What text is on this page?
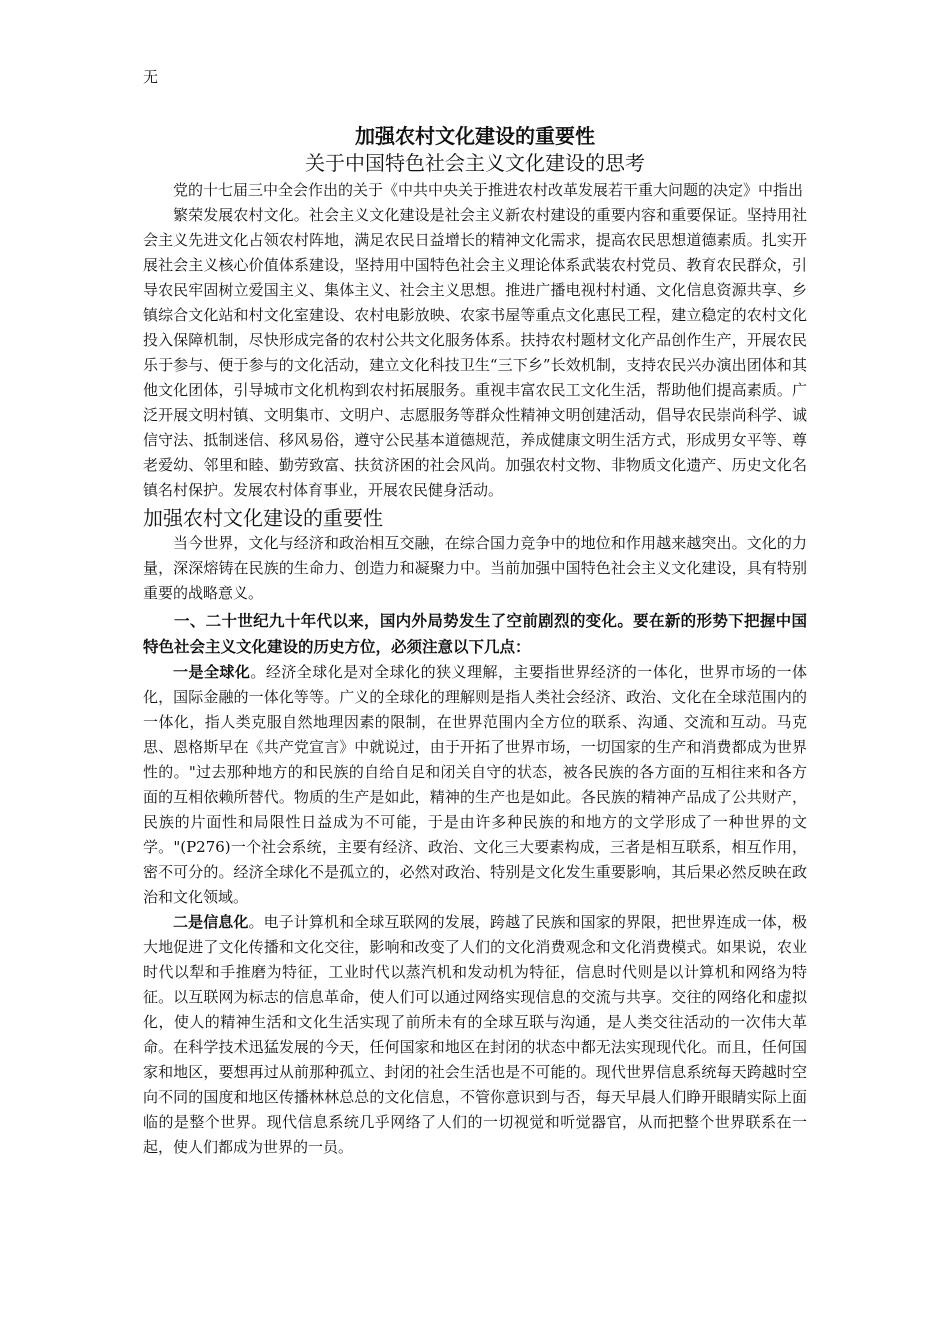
无
加强农村文化建设的重要性
关于中国特色社会主义文化建设的思考

党的十七届三中全会作出的关于《中共中央关于推进农村改革发展若干重大问题的决定》中指出

繁荣发展农村文化。社会主义文化建设是社会主义新农村建设的重要内容和重要保证。坚持用社会主义先进文化占领农村阵地，满足农民日益增长的精神文化需求，提高农民思想道德素质。扎实开展社会主义核心价值体系建设，坚持用中国特色社会主义理论体系武装农村党员、教育农民群众，引导农民牢固树立爱国主义、集体主义、社会主义思想。推进广播电视村村通、文化信息资源共享、乡镇综合文化站和村文化室建设、农村电影放映、农家书屋等重点文化惠民工程，建立稳定的农村文化投入保障机制，尽快形成完备的农村公共文化服务体系。扶持农村题材文化产品创作生产，开展农民乐于参与、便于参与的文化活动，建立文化科技卫生“三下乡”长效机制，支持农民兴办演出团体和其他文化团体，引导城市文化机构到农村拓展服务。重视丰富农民工文化生活，帮助他们提高素质。广泛开展文明村镇、文明集市、文明户、志愿服务等群众性精神文明创建活动，倡导农民崇尚科学、诚信守法、抵制迷信、移风易俗，遵守公民基本道德规范，养成健康文明生活方式，形成男女平等、尊老爱幼、邻里和睦、勤劳致富、扶贫济困的社会风尚。加强农村文物、非物质文化遗产、历史文化名镇名村保护。发展农村体育事业，开展农民健身活动。

加强农村文化建设的重要性

当今世界，文化与经济和政治相互交融，在综合国力竞争中的地位和作用越来越突出。文化的力量，深深熔铸在民族的生命力、创造力和凝聚力中。当前加强中国特色社会主义文化建设，具有特别重要的战略意义。

一、二十世纪九十年代以来，国内外局势发生了空前剧烈的变化。要在新的形势下把握中国特色社会主义文化建设的历史方位，必须注意以下几点：

一是全球化。经济全球化是对全球化的狭义理解，主要指世界经济的一体化，世界市场的一体化，国际金融的一体化等等。广义的全球化的理解则是指人类社会经济、政治、文化在全球范围内的一体化，指人类克服自然地理因素的限制，在世界范围内全方位的联系、沟通、交流和互动。马克思、恩格斯早在《共产党宣言》中就说过，由于开拓了世界市场，一切国家的生产和消费都成为世界性的。"过去那种地方的和民族的自给自足和闭关自守的状态，被各民族的各方面的互相往来和各方面的互相依赖所替代。物质的生产是如此，精神的生产也是如此。各民族的精神产品成了公共财产，民族的片面性和局限性日益成为不可能，于是由许多种民族的和地方的文学形成了一种世界的文学。"(P276)一个社会系统，主要有经济、政治、文化三大要素构成，三者是相互联系，相互作用，密不可分的。经济全球化不是孤立的，必然对政治、特别是文化发生重要影响，其后果必然反映在政治和文化领域。

二是信息化。电子计算机和全球互联网的发展，跨越了民族和国家的界限，把世界连成一体，极大地促进了文化传播和文化交往，影响和改变了人们的文化消费观念和文化消费模式。如果说，农业时代以犁和手推磨为特征，工业时代以蒸汽机和发动机为特征，信息时代则是以计算机和网络为特征。以互联网为标志的信息革命，使人们可以通过网络实现信息的交流与共享。交往的网络化和虚拟化，使人的精神生活和文化生活实现了前所未有的全球互联与沟通，是人类交往活动的一次伟大革命。在科学技术迅猛发展的今天，任何国家和地区在封闭的状态中都无法实现现代化。而且，任何国家和地区，要想再过从前那种孤立、封闭的社会生活也是不可能的。现代世界信息系统每天跨越时空向不同的国度和地区传播林林总总的文化信息，不管你意识到与否，每天早晨人们睁开眼睛实际上面临的是整个世界。现代信息系统几乎网络了人们的一切视觉和听觉器官，从而把整个世界联系在一起，使人们都成为世界的一员。
